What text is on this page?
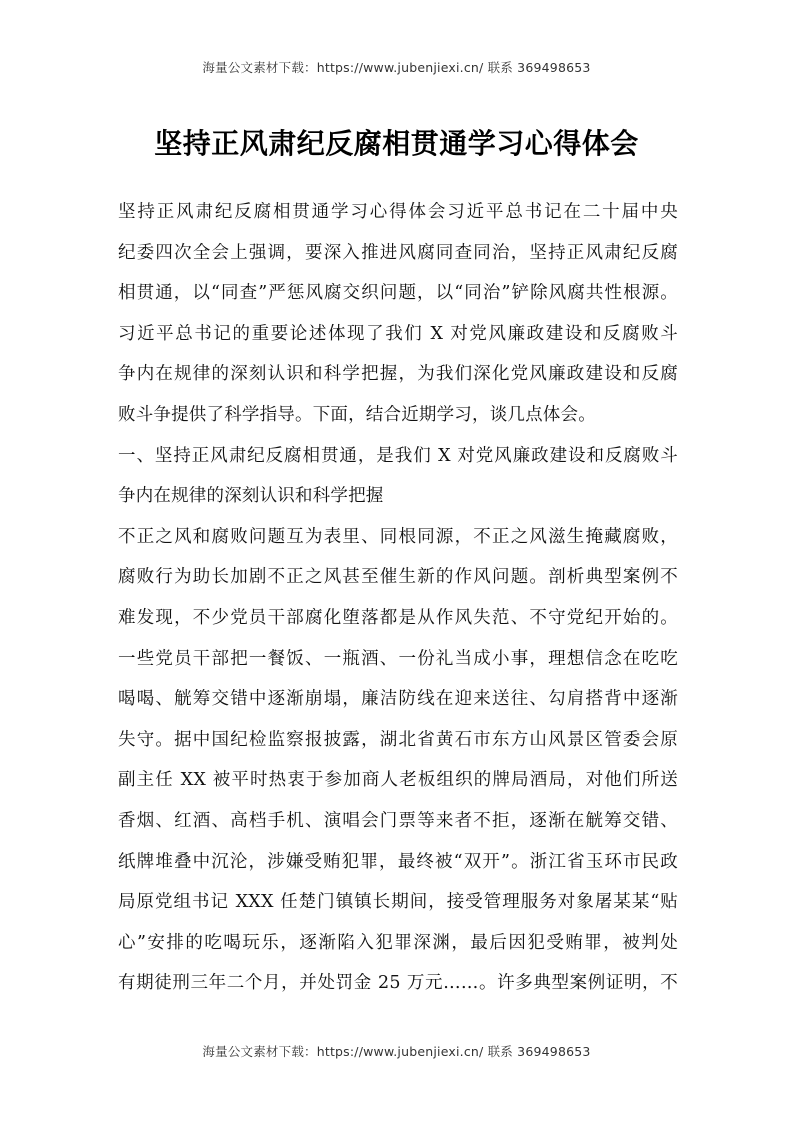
海量公文素材下载：https://www.jubenjiexi.cn/ 联系 369498653
坚持正风肃纪反腐相贯通学习心得体会
坚持正风肃纪反腐相贯通学习心得体会习近平总书记在二十届中央
纪委四次全会上强调，要深入推进风腐同查同治，坚持正风肃纪反腐
相贯通，以“同查”严惩风腐交织问题，以“同治”铲除风腐共性根源。
习近平总书记的重要论述体现了我们 X 对党风廉政建设和反腐败斗
争内在规律的深刻认识和科学把握，为我们深化党风廉政建设和反腐
败斗争提供了科学指导。下面，结合近期学习，谈几点体会。
一、坚持正风肃纪反腐相贯通，是我们 X 对党风廉政建设和反腐败斗
争内在规律的深刻认识和科学把握
不正之风和腐败问题互为表里、同根同源，不正之风滋生掩藏腐败，
腐败行为助长加剧不正之风甚至催生新的作风问题。剖析典型案例不
难发现，不少党员干部腐化堕落都是从作风失范、不守党纪开始的。
一些党员干部把一餐饭、一瓶酒、一份礼当成小事，理想信念在吃吃
喝喝、觥筹交错中逐渐崩塌，廉洁防线在迎来送往、勾肩搭背中逐渐
失守。据中国纪检监察报披露，湖北省黄石市东方山风景区管委会原
副主任 XX 被平时热衷于参加商人老板组织的牌局酒局，对他们所送
香烟、红酒、高档手机、演唱会门票等来者不拒，逐渐在觥筹交错、
纸牌堆叠中沉沦，涉嫌受贿犯罪，最终被“双开”。浙江省玉环市民政
局原党组书记 XXX 任楚门镇镇长期间，接受管理服务对象屠某某“贴
心”安排的吃喝玩乐，逐渐陷入犯罪深渊，最后因犯受贿罪，被判处
有期徒刑三年二个月，并处罚金 25 万元……。许多典型案例证明，不
海量公文素材下载：https://www.jubenjiexi.cn/ 联系 369498653
